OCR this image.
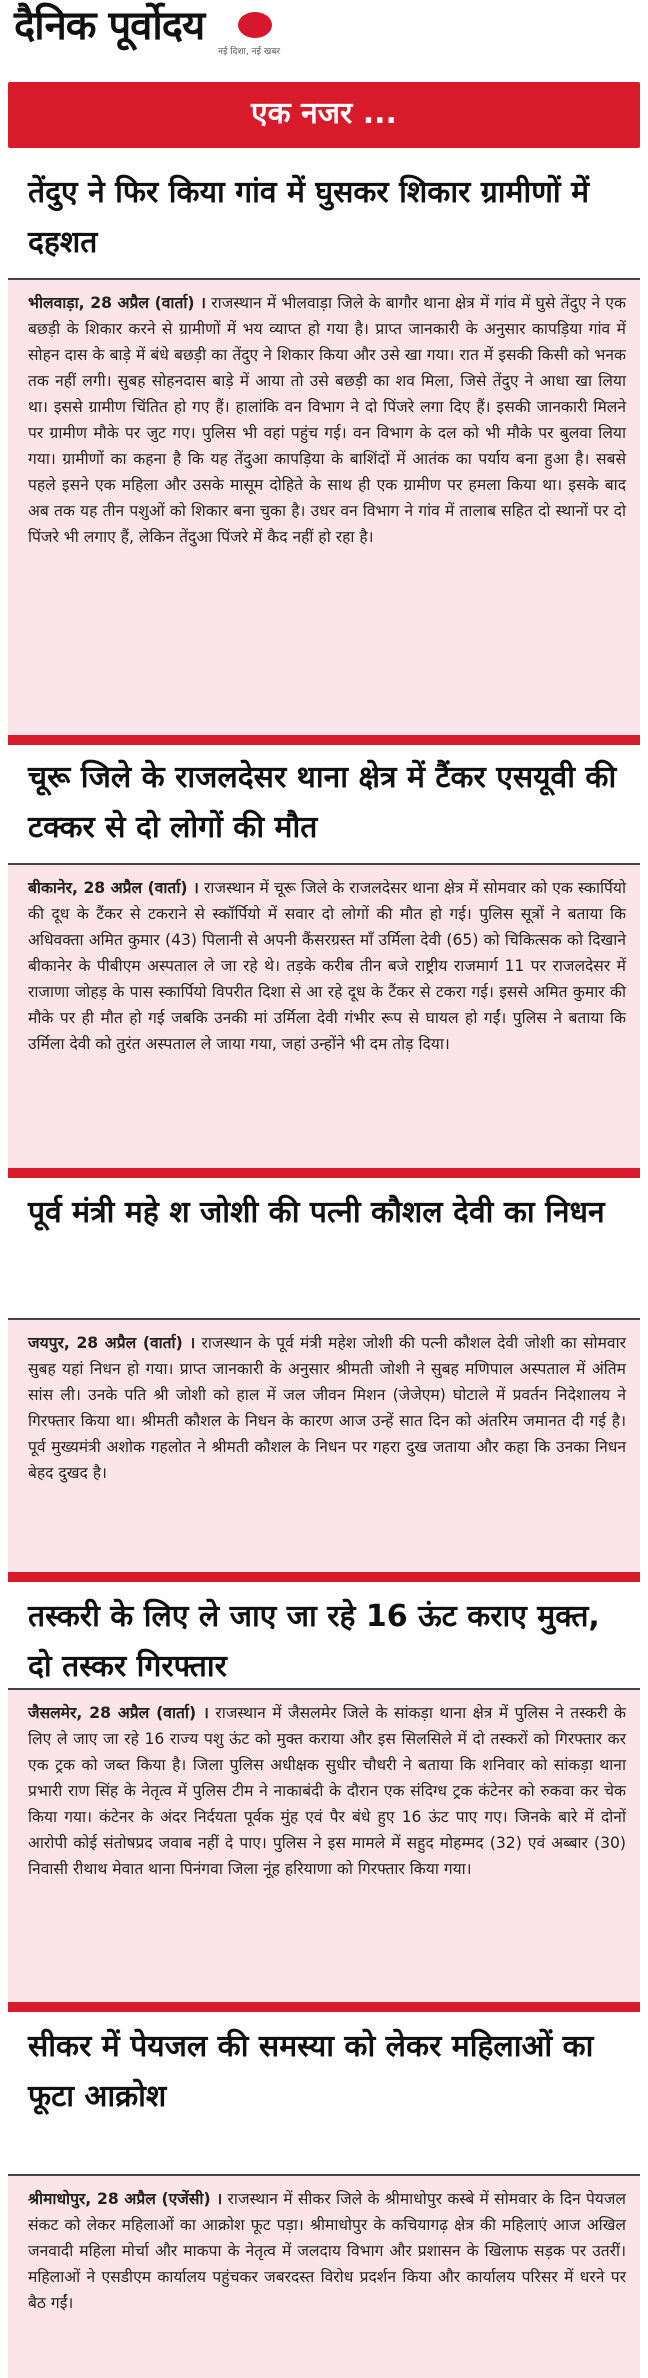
दैनिक पूर्वोदय
नई दिशा, नई खबर
एक नजर ...
तेंदुए ने फिर किया गांव में घुसकर शिकार ग्रामीणों में दहशत
भीलवाड़ा, 28 अप्रैल (वार्ता) । राजस्थान में भीलवाड़ा जिले के बागौर थाना क्षेत्र में गांव में घुसे तेंदुए ने एक बछड़ी के शिकार करने से ग्रामीणों में भय व्याप्त हो गया है। प्राप्त जानकारी के अनुसार कापड़िया गांव में सोहन दास के बाड़े में बंधे बछड़ी का तेंदुए ने शिकार किया और उसे खा गया। रात में इसकी किसी को भनक तक नहीं लगी। सुबह सोहनदास बाड़े में आया तो उसे बछड़ी का शव मिला, जिसे तेंदुए ने आधा खा लिया था। इससे ग्रामीण चिंतित हो गए हैं। हालांकि वन विभाग ने दो पिंजरे लगा दिए हैं। इसकी जानकारी मिलने पर ग्रामीण मौके पर जुट गए। पुलिस भी वहां पहुंच गई। वन विभाग के दल को भी मौके पर बुलवा लिया गया। ग्रामीणों का कहना है कि यह तेंदुआ कापड़िया के बाशिंदों में आतंक का पर्याय बना हुआ है। सबसे पहले इसने एक महिला और उसके मासूम दोहिते के साथ ही एक ग्रामीण पर हमला किया था। इसके बाद अब तक यह तीन पशुओं को शिकार बना चुका है। उधर वन विभाग ने गांव में तालाब सहित दो स्थानों पर दो पिंजरे भी लगाए हैं, लेकिन तेंदुआ पिंजरे में कैद नहीं हो रहा है।
चूरू जिले के राजलदेसर थाना क्षेत्र में टैंकर एसयूवी की टक्कर से दो लोगों की मौत
बीकानेर, 28 अप्रैल (वार्ता) । राजस्थान में चूरू जिले के राजलदेसर थाना क्षेत्र में सोमवार को एक स्कार्पियो की दूध के टैंकर से टकराने से स्कॉर्पियो में सवार दो लोगों की मौत हो गई। पुलिस सूत्रों ने बताया कि अधिवक्ता अमित कुमार (43) पिलानी से अपनी कैंसरग्रस्त माँ उर्मिला देवी (65) को चिकित्सक को दिखाने बीकानेर के पीबीएम अस्पताल ले जा रहे थे। तड़के करीब तीन बजे राष्ट्रीय राजमार्ग 11 पर राजलदेसर में राजाणा जोहड़ के पास स्कार्पियो विपरीत दिशा से आ रहे दूध के टैंकर से टकरा गई। इससे अमित कुमार की मौके पर ही मौत हो गई जबकि उनकी मां उर्मिला देवी गंभीर रूप से घायल हो गईं। पुलिस ने बताया कि उर्मिला देवी को तुरंत अस्पताल ले जाया गया, जहां उन्होंने भी दम तोड़ दिया।
पूर्व मंत्री महे श जोशी की पत्नी कौशल देवी का निधन
जयपुर, 28 अप्रैल (वार्ता) । राजस्थान के पूर्व मंत्री महेश जोशी की पत्नी कौशल देवी जोशी का सोमवार सुबह यहां निधन हो गया। प्राप्त जानकारी के अनुसार श्रीमती जोशी ने सुबह मणिपाल अस्पताल में अंतिम सांस ली। उनके पति श्री जोशी को हाल में जल जीवन मिशन (जेजेएम) घोटाले में प्रवर्तन निदेशालय ने गिरफ्तार किया था। श्रीमती कौशल के निधन के कारण आज उन्हें सात दिन को अंतरिम जमानत दी गई है। पूर्व मुख्यमंत्री अशोक गहलोत ने श्रीमती कौशल के निधन पर गहरा दुख जताया और कहा कि उनका निधन बेहद दुखद है।
तस्करी के लिए ले जाए जा रहे 16 ऊंट कराए मुक्त, दो तस्कर गिरफ्तार
जैसलमेर, 28 अप्रैल (वार्ता) । राजस्थान में जैसलमेर जिले के सांकड़ा थाना क्षेत्र में पुलिस ने तस्करी के लिए ले जाए जा रहे 16 राज्य पशु ऊंट को मुक्त कराया और इस सिलसिले में दो तस्करों को गिरफ्तार कर एक ट्रक को जब्त किया है। जिला पुलिस अधीक्षक सुधीर चौधरी ने बताया कि शनिवार को सांकड़ा थाना प्रभारी राण सिंह के नेतृत्व में पुलिस टीम ने नाकाबंदी के दौरान एक संदिग्ध ट्रक कंटेनर को रुकवा कर चेक किया गया। कंटेनर के अंदर निर्दयता पूर्वक मुंह एवं पैर बंधे हुए 16 ऊंट पाए गए। जिनके बारे में दोनों आरोपी कोई संतोषप्रद जवाब नहीं दे पाए। पुलिस ने इस मामले में सहुद मोहम्मद (32) एवं अब्बार (30) निवासी रीथाथ मेवात थाना पिनंगवा जिला नूंह हरियाणा को गिरफ्तार किया गया।
सीकर में पेयजल की समस्या को लेकर महिलाओं का फूटा आक्रोश
श्रीमाधोपुर, 28 अप्रैल (एजेंसी) । राजस्थान में सीकर जिले के श्रीमाधोपुर कस्बे में सोमवार के दिन पेयजल संकट को लेकर महिलाओं का आक्रोश फूट पड़ा। श्रीमाधोपुर के कचियागढ़ क्षेत्र की महिलाएं आज अखिल जनवादी महिला मोर्चा और माकपा के नेतृत्व में जलदाय विभाग और प्रशासन के खिलाफ सड़क पर उतरीं। महिलाओं ने एसडीएम कार्यालय पहुंचकर जबरदस्त विरोध प्रदर्शन किया और कार्यालय परिसर में धरने पर बैठ गईं।
